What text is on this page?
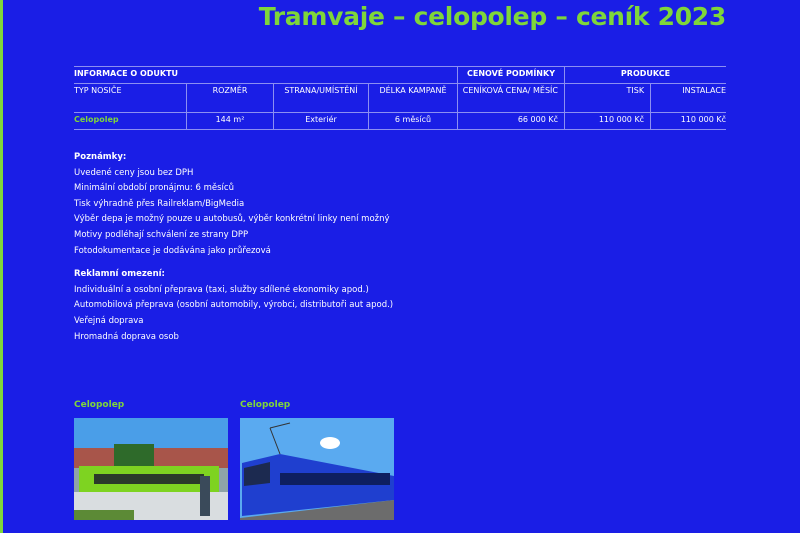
Tramvaje – celopolep – ceník 2023
INFORMACE O ODUKTU				CENOVÉ PODMÍNKY	PRODUKCE	
TYP NOSIČE	ROZMĚR	STRANA/UMÍSTĚNÍ	DÉLKA KAMPANĚ	CENÍKOVÁ CENA/ MĚSÍC	TISK	INSTALACE
Celopolep	144 m²	Exteriér	6 měsíců	66 000 Kč	110 000 Kč	110 000 Kč
Poznámky:
Uvedené ceny jsou bez DPH
Minimální období pronájmu: 6 měsíců
Tisk výhradně přes Railreklam/BigMedia
Výběr depa je možný pouze u autobusů, výběr konkrétní linky není možný
Motivy podléhají schválení ze strany DPP
Fotodokumentace je dodávána jako průřezová
Reklamní omezení:
Individuální a osobní přeprava (taxi, služby sdílené ekonomiky apod.)
Automobilová přeprava (osobní automobily, výrobci, distributoři aut apod.)
Veřejná doprava
Hromadná doprava osob
Celopolep	Celopolep
